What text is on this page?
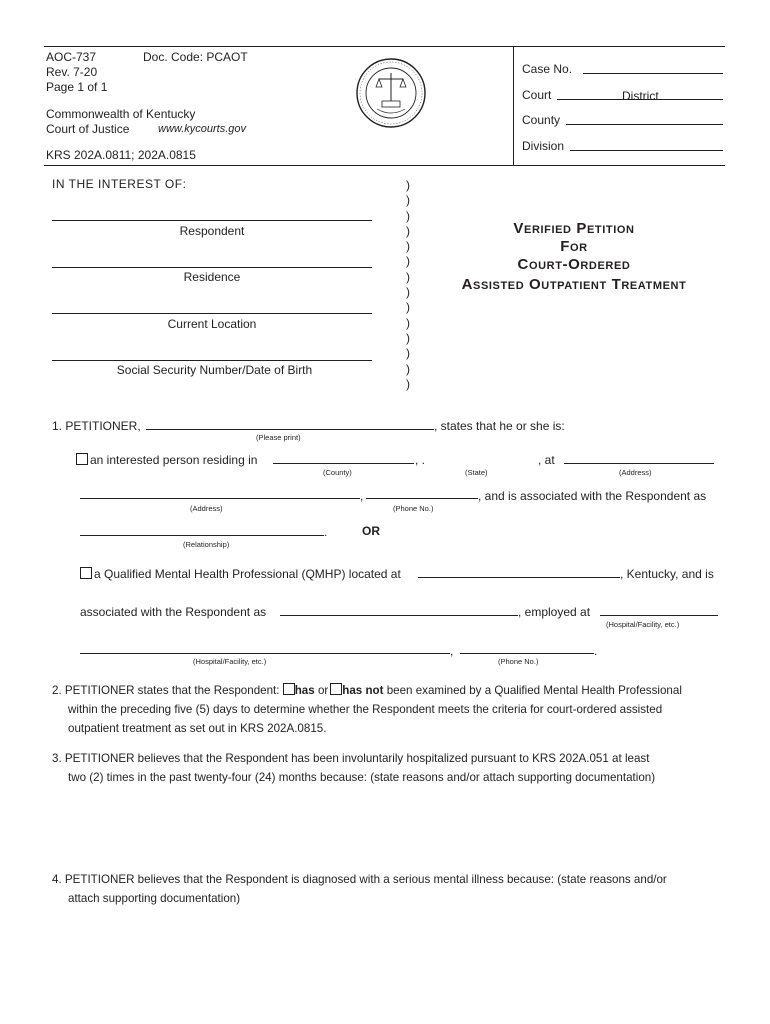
AOC-737	Doc. Code: PCAOT
Rev. 7-20
Page 1 of 1
Commonwealth of Kentucky
Court of Justice	www.kycourts.gov
KRS 202A.0811; 202A.0815
Case No.
Court	District
County
Division
IN THE INTEREST OF:
Respondent
Residence
Current Location
Social Security Number/Date of Birth
)
)
)
)
)
)
)
)
)
)
)
)
)
)
Verified Petition
For
Court-Ordered
Assisted Outpatient Treatment
1. PETITIONER,	, states that he or she is:
(Please print)
an interested person residing in	, .	, at
(County)	(State)	(Address)
,	, and is associated with the Respondent as
(Address)	(Phone No.)
.	OR
(Relationship)
a Qualified Mental Health Professional (QMHP) located at	, Kentucky, and is
associated with the Respondent as	, employed at
(Hospital/Facility, etc.)
,	.
(Hospital/Facility, etc.)	(Phone No.)
2. PETITIONER states that the Respondent: has or has not been examined by a Qualified Mental Health Professional
within the preceding five (5) days to determine whether the Respondent meets the criteria for court-ordered assisted
outpatient treatment as set out in KRS 202A.0815.
3. PETITIONER believes that the Respondent has been involuntarily hospitalized pursuant to KRS 202A.051 at least
two (2) times in the past twenty-four (24) months because: (state reasons and/or attach supporting documentation)
4. PETITIONER believes that the Respondent is diagnosed with a serious mental illness because: (state reasons and/or
attach supporting documentation)
